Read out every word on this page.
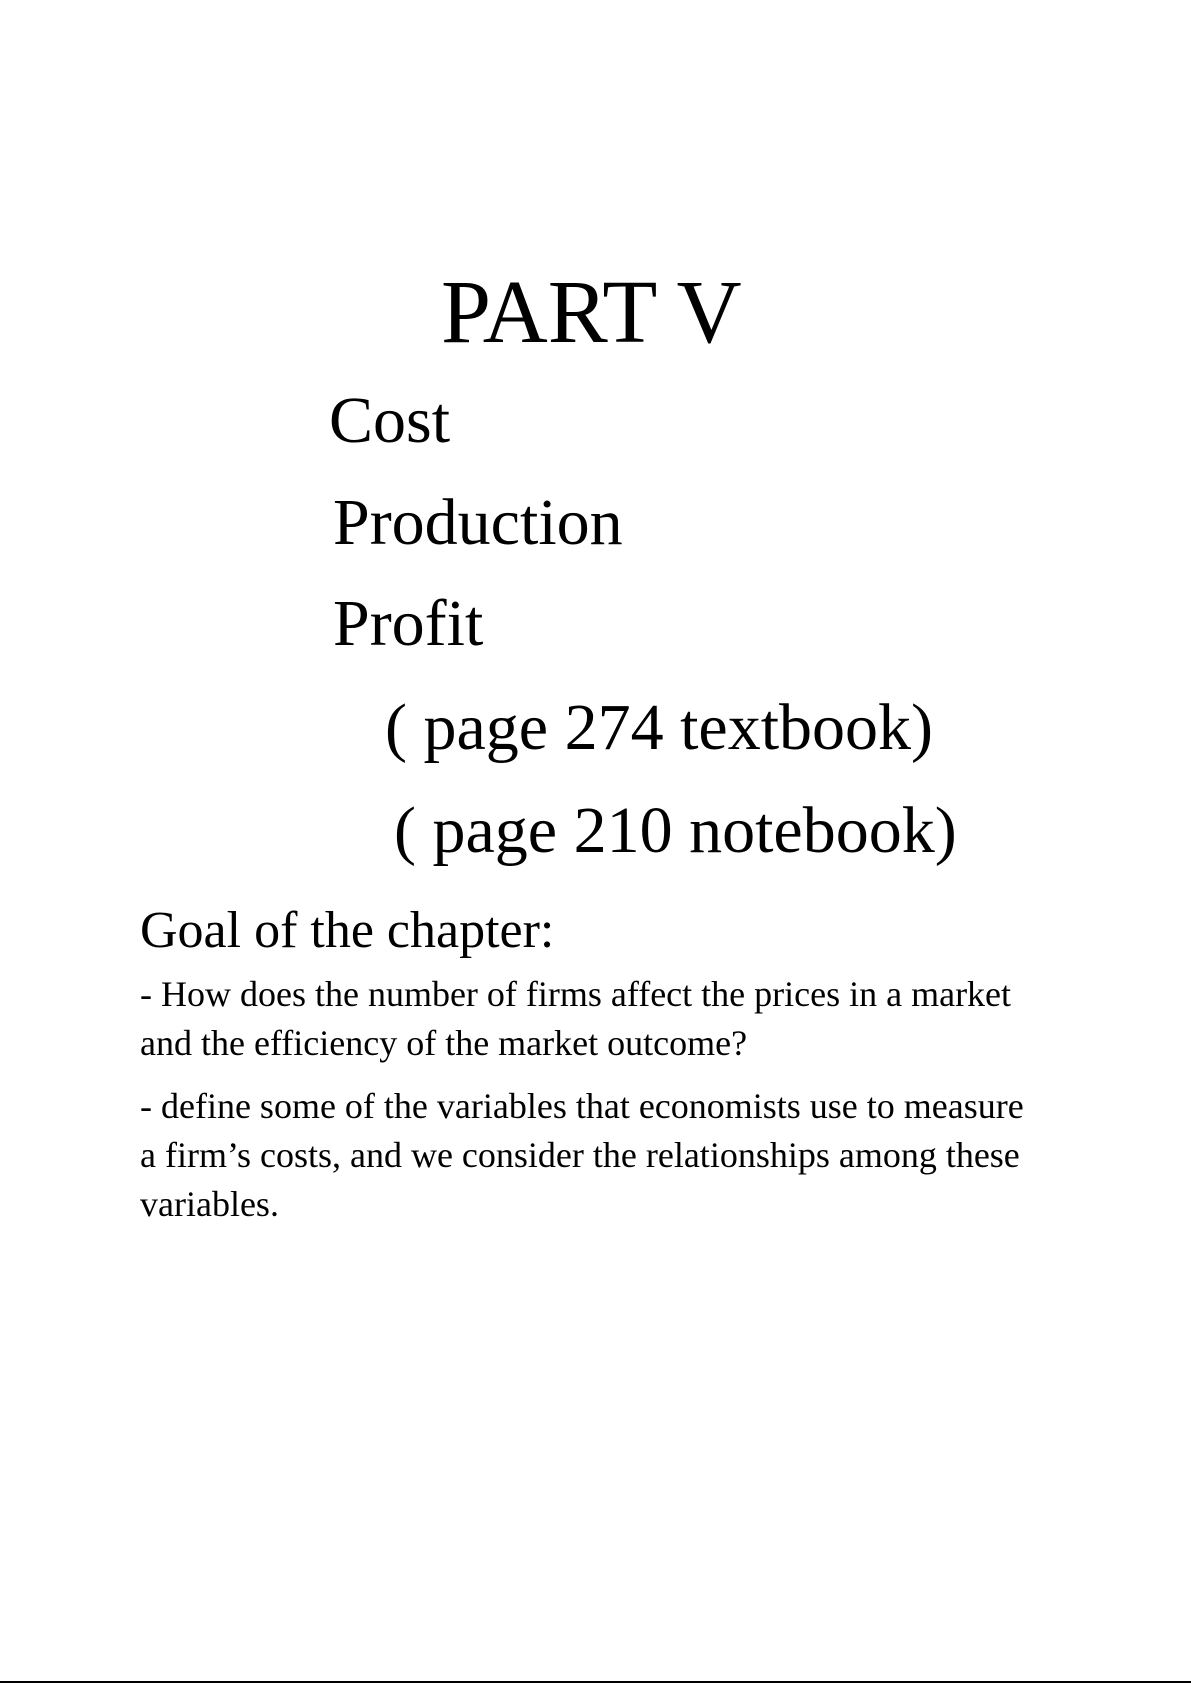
PART V
Cost
Production
Profit
( page 274 textbook)
( page 210 notebook)
Goal of the chapter:
- How does the number of firms affect the prices in a market and the efficiency of the market outcome?
- define some of the variables that economists use to measure a firm’s costs, and we consider the relationships among these variables.
